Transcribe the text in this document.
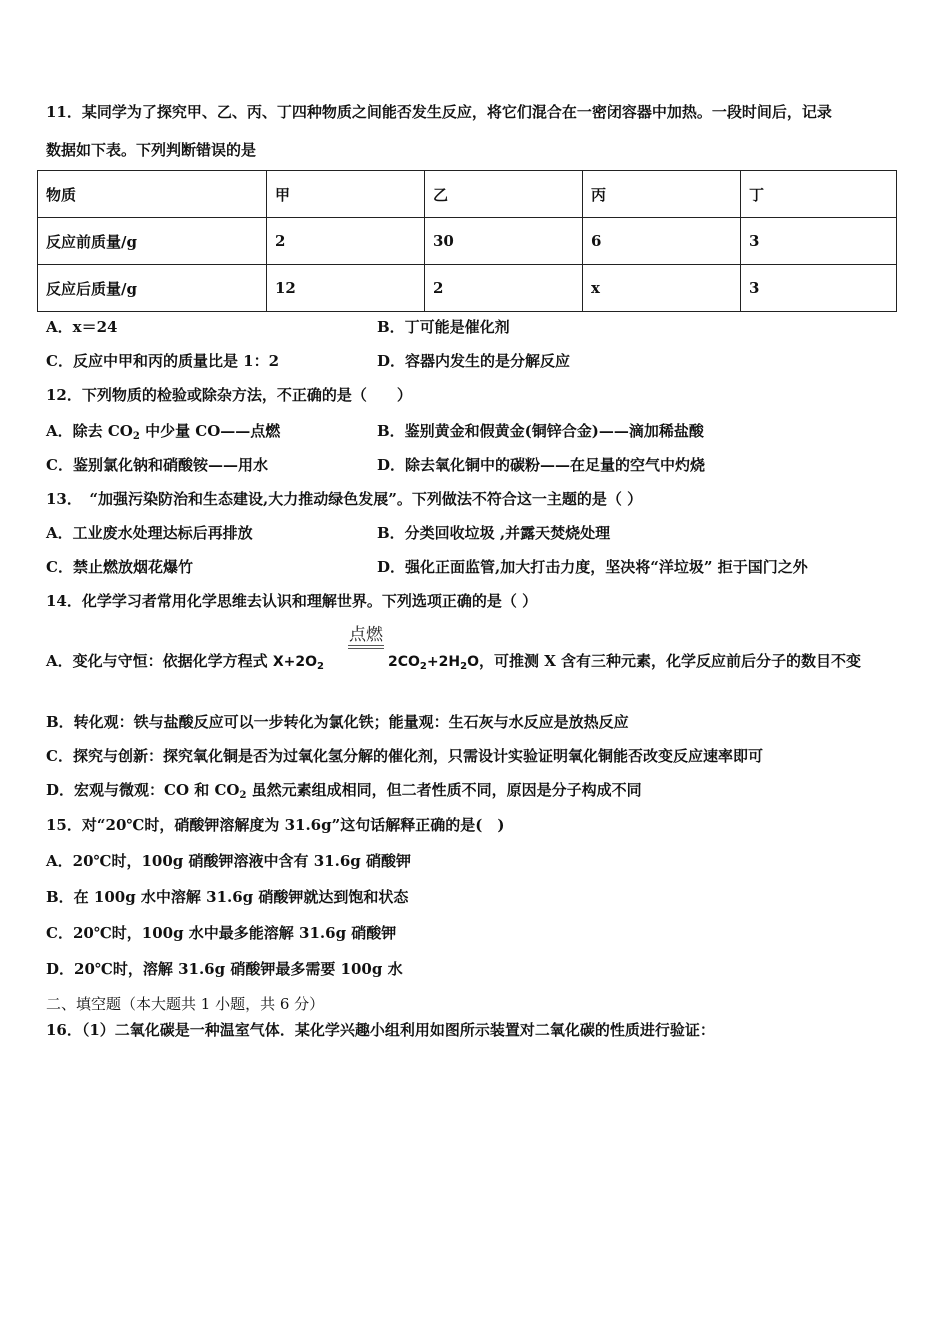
11．某同学为了探究甲、乙、丙、丁四种物质之间能否发生反应，将它们混合在一密闭容器中加热。一段时间后，记录
数据如下表。下列判断错误的是
物质	甲	乙	丙	丁
反应前质量/g	2	30	6	3
反应后质量/g	12	2	x	3
A．x＝24	B．丁可能是催化剂
C．反应中甲和丙的质量比是 1：2	D．容器内发生的是分解反应
12．下列物质的检验或除杂方法，不正确的是（　　）
A．除去 $CO_2$ 中少量 CO——点燃	B．鉴别黄金和假黄金(铜锌合金)——滴加稀盐酸
C．鉴别氯化钠和硝酸铵——用水	D．除去氧化铜中的碳粉——在足量的空气中灼烧
13．　“加强污染防治和生态建设,大力推动绿色发展”。下列做法不符合这一主题的是（ ）
A．工业废水处理达标后再排放	B．分类回收垃圾 ,并露天焚烧处理
C．禁止燃放烟花爆竹	D．强化正面监管,加大打击力度，坚决将“洋垃圾” 拒于国门之外
14．化学学习者常用化学思维去认识和理解世界。下列选项正确的是（ ）
点燃
A．变化与守恒：依据化学方程式 $X+2O_2$	$2CO_2+2H_2O$，可推测 X 含有三种元素，化学反应前后分子的数目不变
B．转化观：铁与盐酸反应可以一步转化为氯化铁；能量观：生石灰与水反应是放热反应
C．探究与创新：探究氧化铜是否为过氧化氢分解的催化剂，只需设计实验证明氧化铜能否改变反应速率即可
D．宏观与微观：CO 和 $CO_2$ 虽然元素组成相同，但二者性质不同，原因是分子构成不同
15．对“20℃时，硝酸钾溶解度为 31.6g”这句话解释正确的是(　)
A．20℃时，100g 硝酸钾溶液中含有 31.6g 硝酸钾
B．在 100g 水中溶解 31.6g 硝酸钾就达到饱和状态
C．20℃时，100g 水中最多能溶解 31.6g 硝酸钾
D．20℃时，溶解 31.6g 硝酸钾最多需要 100g 水
二、填空题（本大题共 1 小题，共 6 分）
16．（1）二氧化碳是一种温室气体．某化学兴趣小组利用如图所示装置对二氧化碳的性质进行验证：
